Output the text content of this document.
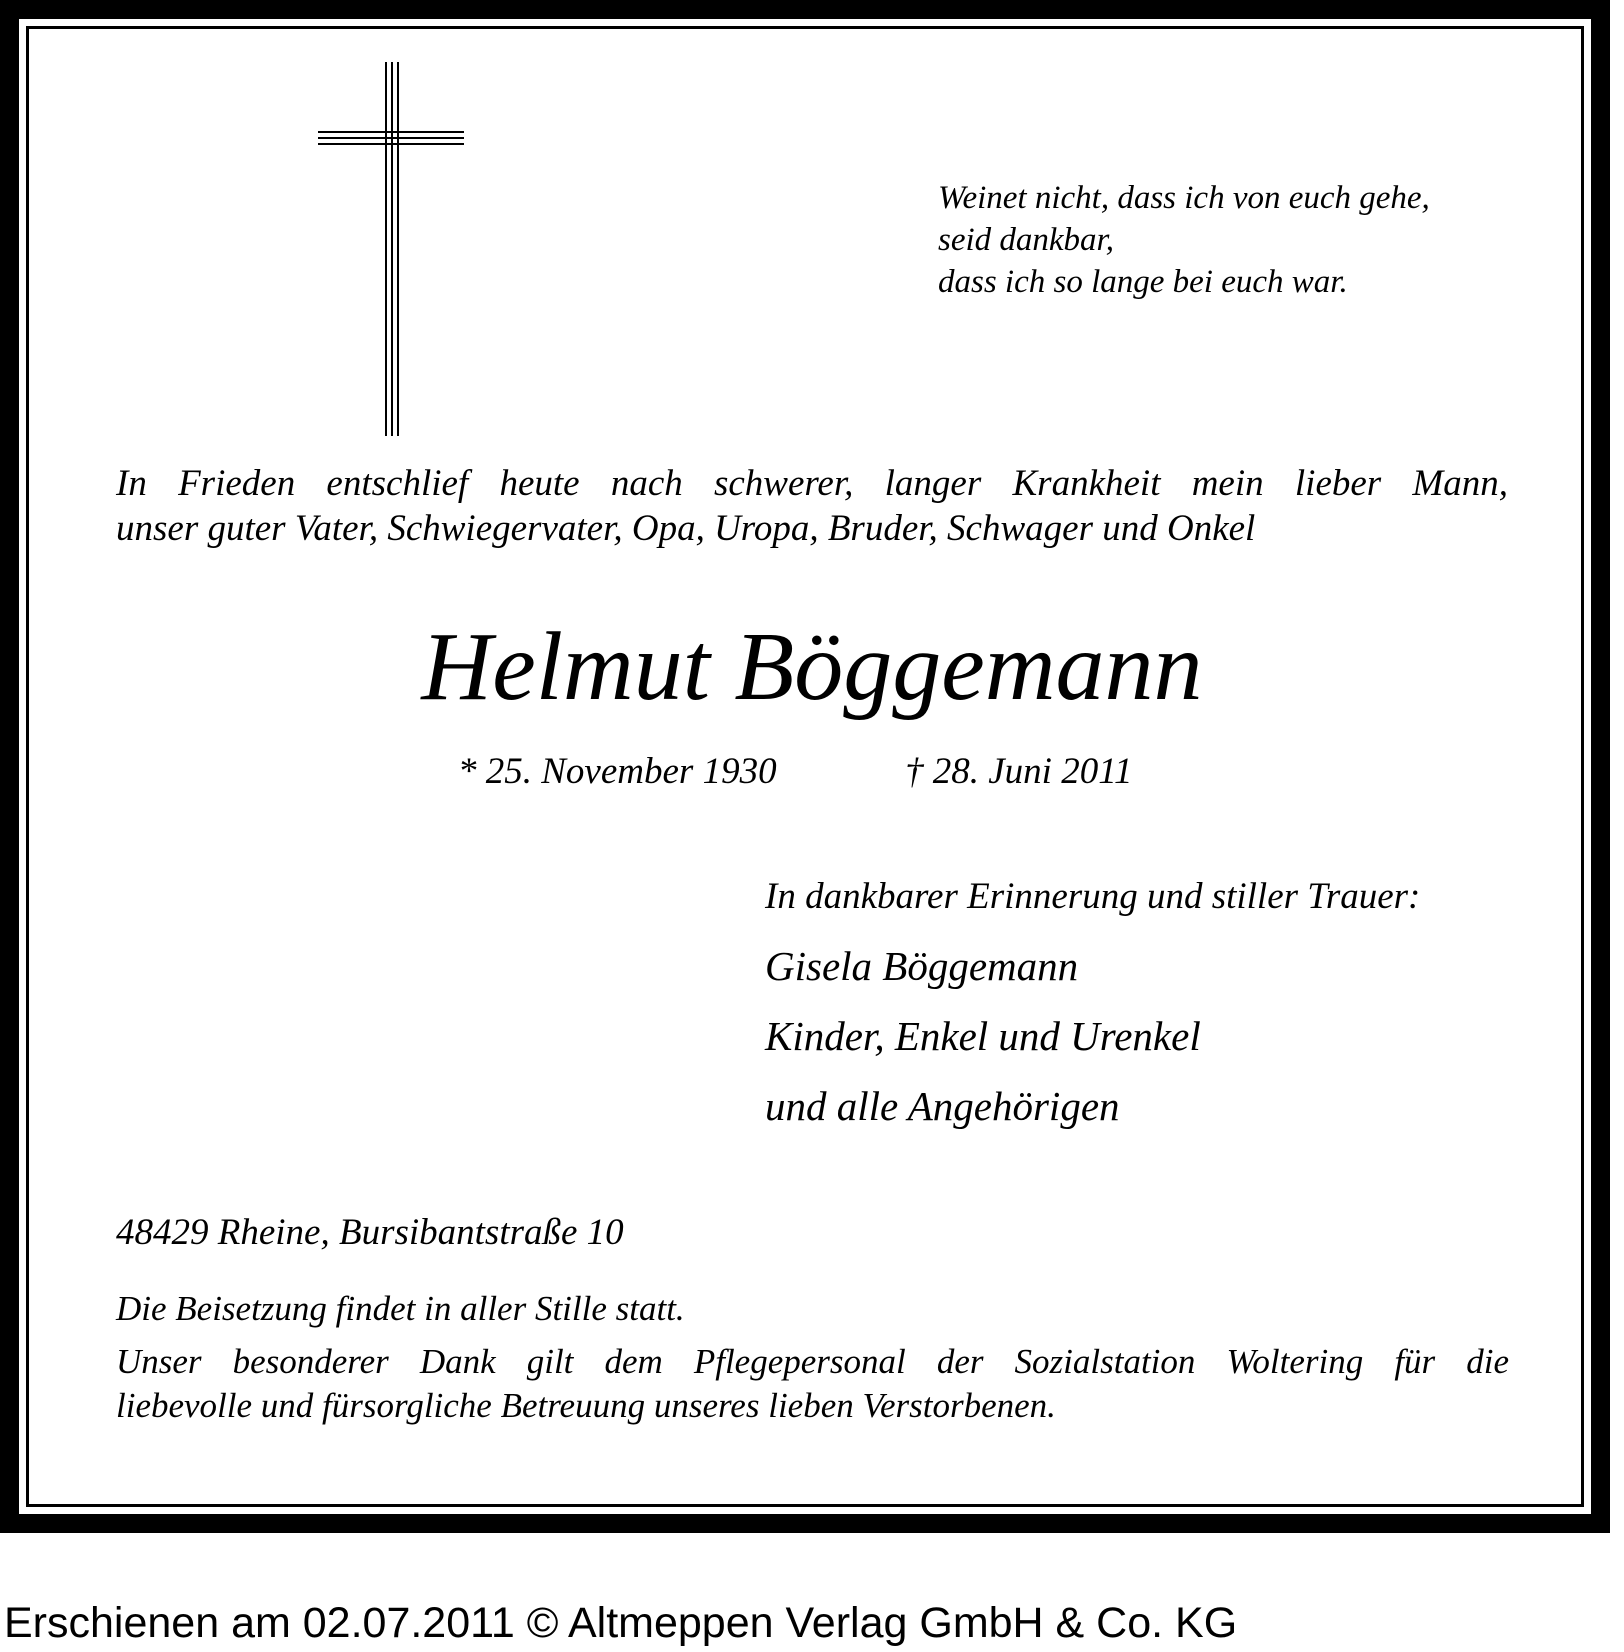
Weinet nicht, dass ich von euch gehe,
seid dankbar,
dass ich so lange bei euch war.
In Frieden entschlief heute nach schwerer, langer Krankheit mein lieber Mann,
unser guter Vater, Schwiegervater, Opa, Uropa, Bruder, Schwager und Onkel
Helmut Böggemann
* 25. November 1930	† 28. Juni 2011
In dankbarer Erinnerung und stiller Trauer:
Gisela Böggemann
Kinder, Enkel und Urenkel
und alle Angehörigen
48429 Rheine, Bursibantstraße 10
Die Beisetzung findet in aller Stille statt.
Unser besonderer Dank gilt dem Pflegepersonal der Sozialstation Woltering für die
liebevolle und fürsorgliche Betreuung unseres lieben Verstorbenen.
Erschienen am 02.07.2011 © Altmeppen Verlag GmbH & Co. KG
